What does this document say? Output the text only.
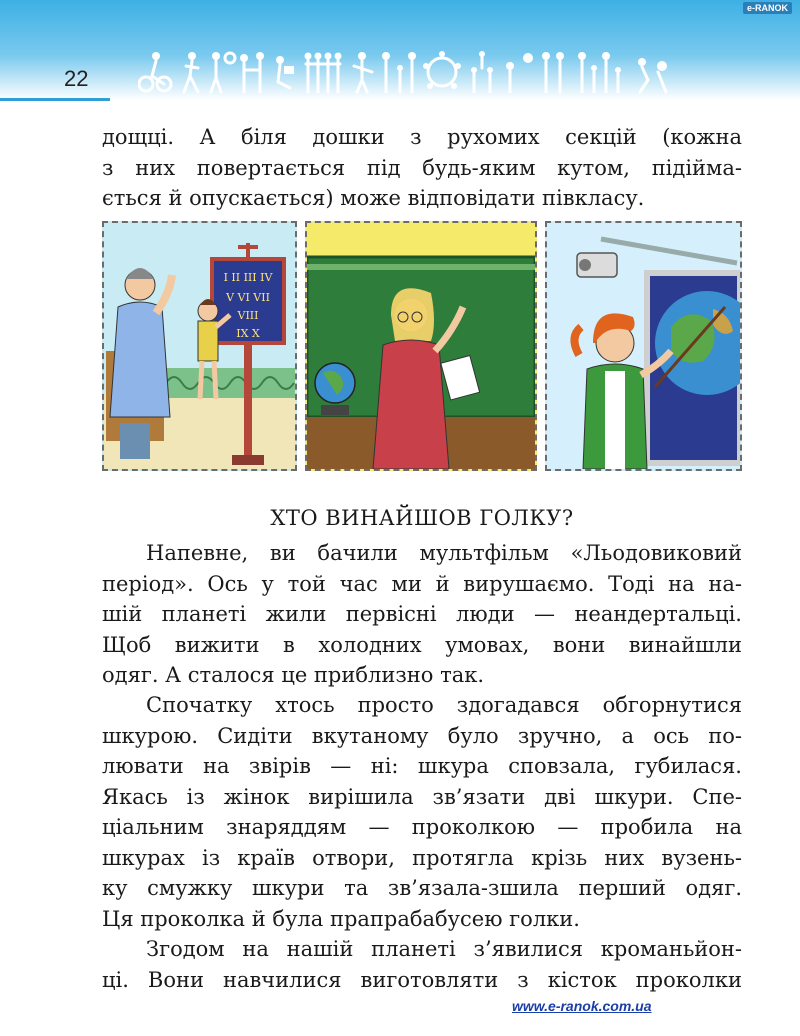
e-RANOK
22

дощці. А біля дошки з рухомих секцій (кожна
з них повертається під будь-яким кутом, підійма-
ється й опускається) може відповідати півкласу.

I II III IV
V VI VII
VIII
IX X
ХТО ВИНАЙШОВ ГОЛКУ?

Напевне, ви бачили мультфільм «Льодовиковий
період». Ось у той час ми й вирушаємо. Тоді на на-
шій планеті жили первісні люди — неандертальці.
Щоб вижити в холодних умовах, вони винайшли
одяг. А сталося це приблизно так.

Спочатку хтось просто здогадався обгорнутися
шкурою. Сидіти вкутаному було зручно, а ось по-
лювати на звірів — ні: шкура сповзала, губилася.
Якась із жінок вирішила зв’язати дві шкури. Спе-
ціальним знаряддям — проколкою — пробила на
шкурах із країв отвори, протягла крізь них вузень-
ку смужку шкури та зв’язала-зшила перший одяг.
Ця проколка й була прапрабабусею голки.

Згодом на нашій планеті з’явилися кроманьйон-
ці. Вони навчилися виготовляти з кісток проколки

www.e-ranok.com.ua
